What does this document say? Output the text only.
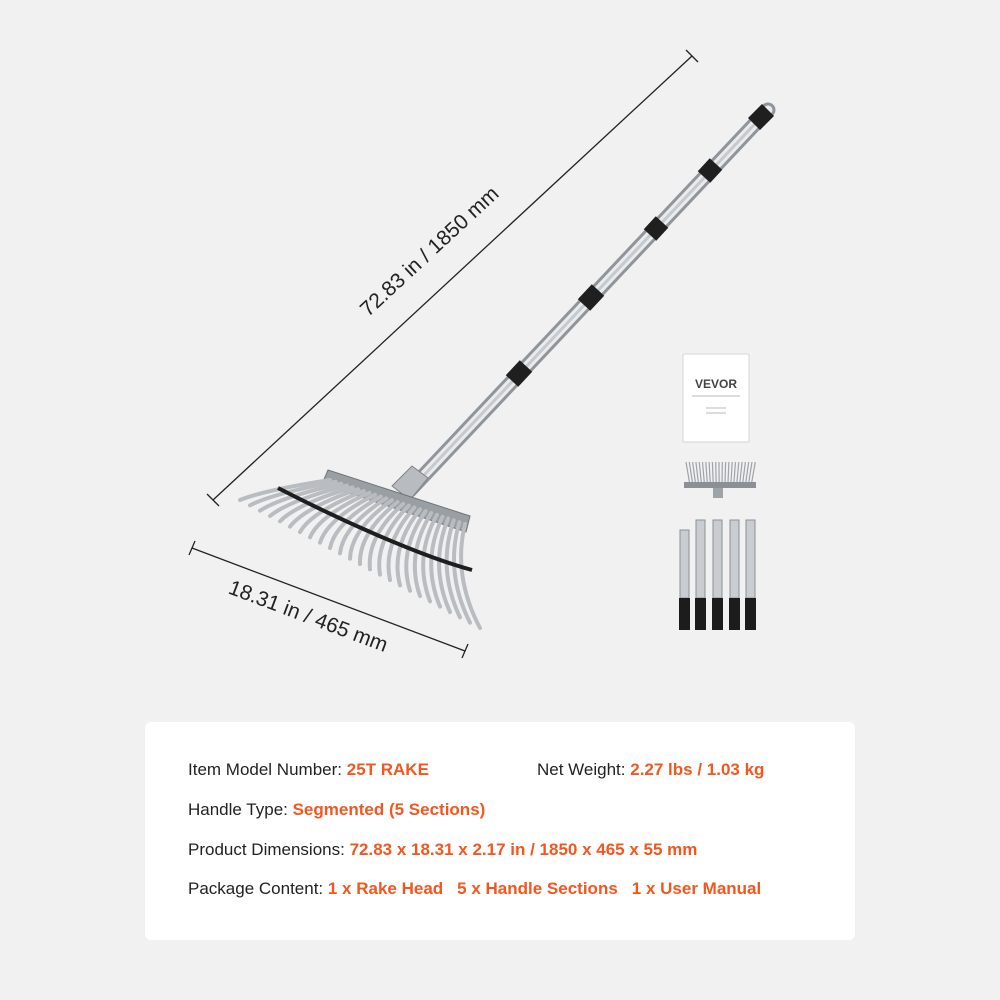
VEVOR
72.83 in / 1850 mm
18.31 in / 465 mm
Item Model Number: 25T RAKE	Net Weight: 2.27 lbs / 1.03 kg
Handle Type: Segmented (5 Sections)
Product Dimensions: 72.83 x 18.31 x 2.17 in / 1850 x 465 x 55 mm
Package Content: 1 x Rake Head 5 x Handle Sections 1 x User Manual
